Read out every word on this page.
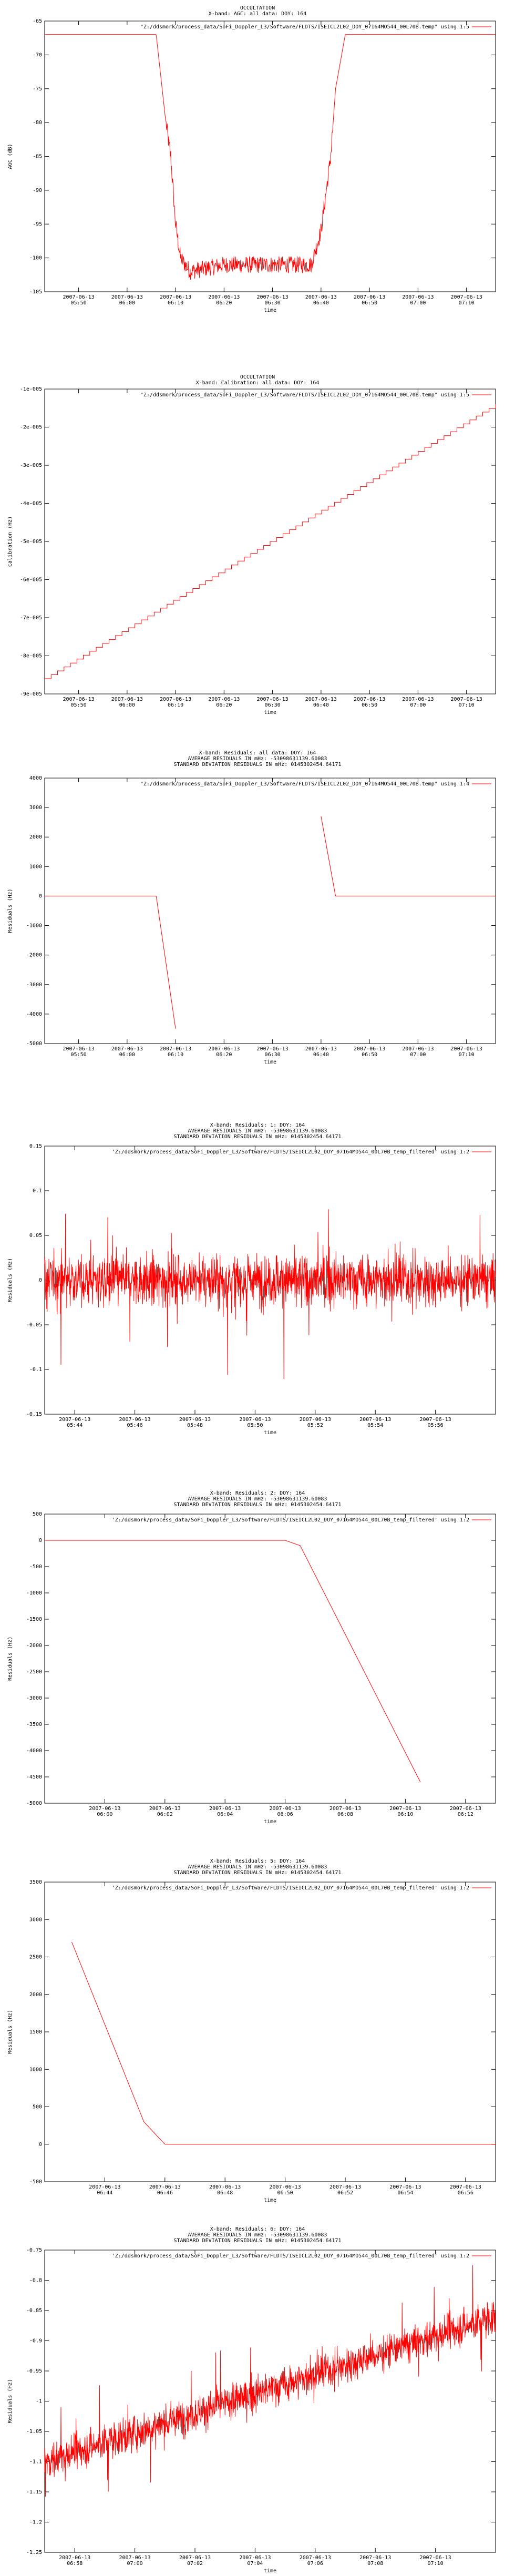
OCCULTATION
X-band: AGC: all data: DOY: 164
-65
-70
-75
-80
-85
-90
-95
-100
-105
2007-06-13
05:50
2007-06-13
06:00
2007-06-13
06:10
2007-06-13
06:20
2007-06-13
06:30
2007-06-13
06:40
2007-06-13
06:50
2007-06-13
07:00
2007-06-13
07:10
time
AGC (dB)
"Z:/ddsmork/process_data/SoFi_Doppler_L3/Software/FLDTS/ISEICL2L02_DOY_07164MO544_00L70B.temp" using 1:5
OCCULTATION
X-band: Calibration: all data: DOY: 164
-1e-005
-2e-005
-3e-005
-4e-005
-5e-005
-6e-005
-7e-005
-8e-005
-9e-005
2007-06-13
05:50
2007-06-13
06:00
2007-06-13
06:10
2007-06-13
06:20
2007-06-13
06:30
2007-06-13
06:40
2007-06-13
06:50
2007-06-13
07:00
2007-06-13
07:10
time
Calibration (Hz)
"Z:/ddsmork/process_data/SoFi_Doppler_L3/Software/FLDTS/ISEICL2L02_DOY_07164MO544_00L70B.temp" using 1:5
X-band: Residuals: all data: DOY: 164
AVERAGE RESIDUALS IN mHz: -53098631139.60083
STANDARD DEVIATION RESIDUALS IN mHz: 0145302454.64171
4000
3000
2000
1000
0
-1000
-2000
-3000
-4000
-5000
2007-06-13
05:50
2007-06-13
06:00
2007-06-13
06:10
2007-06-13
06:20
2007-06-13
06:30
2007-06-13
06:40
2007-06-13
06:50
2007-06-13
07:00
2007-06-13
07:10
time
Residuals (Hz)
"Z:/ddsmork/process_data/SoFi_Doppler_L3/Software/FLDTS/ISEICL2L02_DOY_07164MO544_00L70B.temp" using 1:4
X-band: Residuals: 1: DOY: 164
AVERAGE RESIDUALS IN mHz: -53098631139.60083
STANDARD DEVIATION RESIDUALS IN mHz: 0145302454.64171
0.15
0.1
0.05
0
-0.05
-0.1
-0.15
2007-06-13
05:44
2007-06-13
05:46
2007-06-13
05:48
2007-06-13
05:50
2007-06-13
05:52
2007-06-13
05:54
2007-06-13
05:56
time
Residuals (Hz)
'Z:/ddsmork/process_data/SoFi_Doppler_L3/Software/FLDTS/ISEICL2L02_DOY_07164MO544_00L70B_temp_filtered' using 1:2
X-band: Residuals: 2: DOY: 164
AVERAGE RESIDUALS IN mHz: -53098631139.60083
STANDARD DEVIATION RESIDUALS IN mHz: 0145302454.64171
500
0
-500
-1000
-1500
-2000
-2500
-3000
-3500
-4000
-4500
-5000
2007-06-13
06:00
2007-06-13
06:02
2007-06-13
06:04
2007-06-13
06:06
2007-06-13
06:08
2007-06-13
06:10
2007-06-13
06:12
time
Residuals (Hz)
'Z:/ddsmork/process_data/SoFi_Doppler_L3/Software/FLDTS/ISEICL2L02_DOY_07164MO544_00L70B_temp_filtered' using 1:2
X-band: Residuals: 5: DOY: 164
AVERAGE RESIDUALS IN mHz: -53098631139.60083
STANDARD DEVIATION RESIDUALS IN mHz: 0145302454.64171
3500
3000
2500
2000
1500
1000
500
0
-500
2007-06-13
06:44
2007-06-13
06:46
2007-06-13
06:48
2007-06-13
06:50
2007-06-13
06:52
2007-06-13
06:54
2007-06-13
06:56
time
Residuals (Hz)
'Z:/ddsmork/process_data/SoFi_Doppler_L3/Software/FLDTS/ISEICL2L02_DOY_07164MO544_00L70B_temp_filtered' using 1:2
X-band: Residuals: 6: DOY: 164
AVERAGE RESIDUALS IN mHz: -53098631139.60083
STANDARD DEVIATION RESIDUALS IN mHz: 0145302454.64171
-0.75
-0.8
-0.85
-0.9
-0.95
-1
-1.05
-1.1
-1.15
-1.2
-1.25
2007-06-13
06:58
2007-06-13
07:00
2007-06-13
07:02
2007-06-13
07:04
2007-06-13
07:06
2007-06-13
07:08
2007-06-13
07:10
time
Residuals (Hz)
'Z:/ddsmork/process_data/SoFi_Doppler_L3/Software/FLDTS/ISEICL2L02_DOY_07164MO544_00L70B_temp_filtered' using 1:2
